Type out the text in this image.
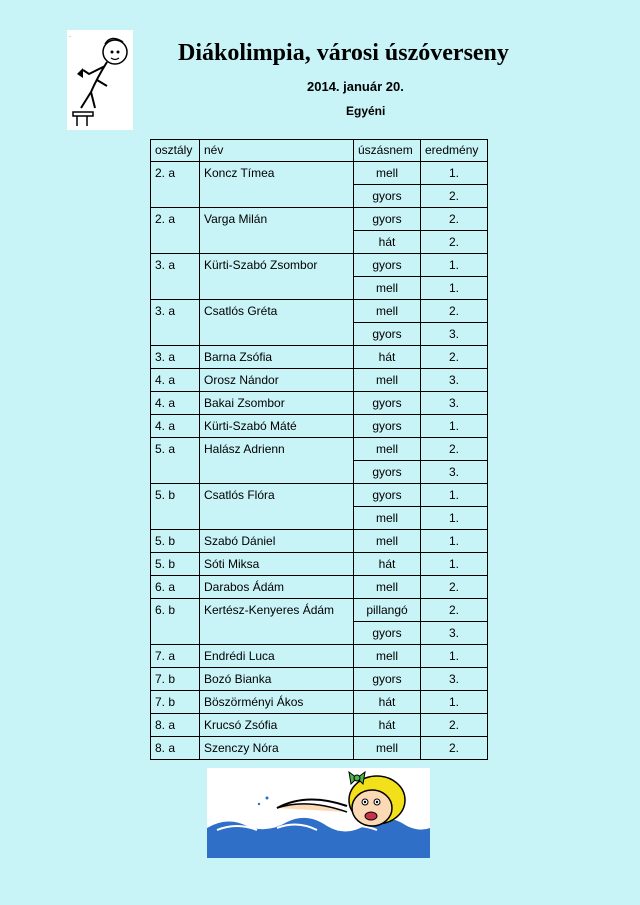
·
Diákolimpia, városi úszóverseny
2014. január 20.
Egyéni
osztály	név	úszásnem	eredmény
2. a	Koncz Tímea	mell	1.
		gyors	2.
2. a	Varga Milán	gyors	2.
		hát	2.
3. a	Kürti-Szabó Zsombor	gyors	1.
		mell	1.
3. a	Csatlós Gréta	mell	2.
		gyors	3.
3. a	Barna Zsófia	hát	2.
4. a	Orosz Nándor	mell	3.
4. a	Bakai Zsombor	gyors	3.
4. a	Kürti-Szabó Máté	gyors	1.
5. a	Halász Adrienn	mell	2.
		gyors	3.
5. b	Csatlós Flóra	gyors	1.
		mell	1.
5. b	Szabó Dániel	mell	1.
5. b	Sóti Miksa	hát	1.
6. a	Darabos Ádám	mell	2.
6. b	Kertész-Kenyeres Ádám	pillangó	2.
		gyors	3.
7. a	Endrédi Luca	mell	1.
7. b	Bozó Bianka	gyors	3.
7. b	Böszörményi Ákos	hát	1.
8. a	Krucsó Zsófia	hát	2.
8. a	Szenczy Nóra	mell	2.
